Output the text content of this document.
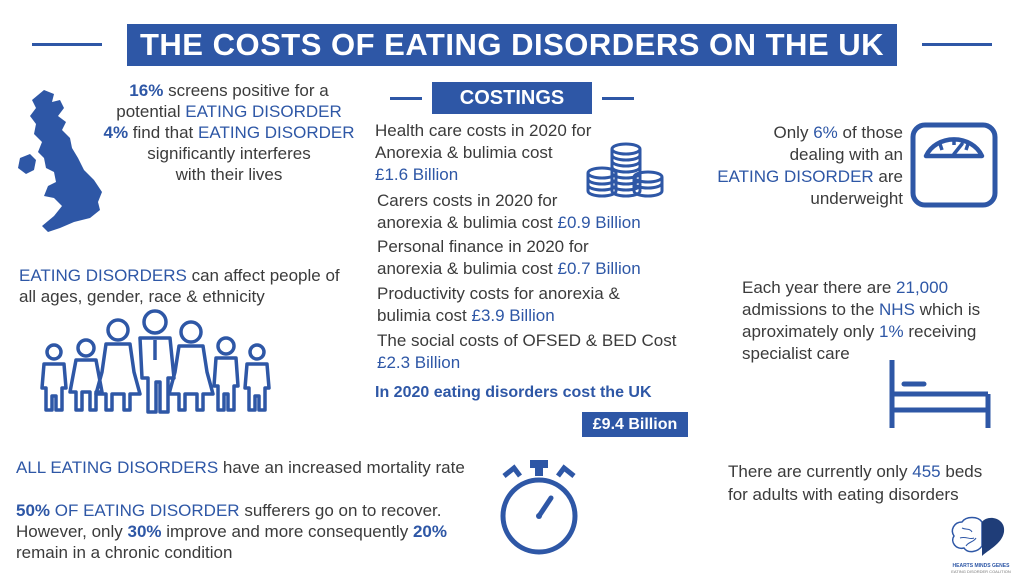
THE COSTS OF EATING DISORDERS ON THE UK
16% screens positive for a
potential EATING DISORDER
4% find that EATING DISORDER
significantly interferes
with their lives
EATING DISORDERS can affect people of
all ages, gender, race & ethnicity
ALL EATING DISORDERS have an increased mortality rate
50% OF EATING DISORDER sufferers go on to recover.
However, only 30% improve and more consequently 20%
remain in a chronic condition
COSTINGS
Health care costs in 2020 for
Anorexia & bulimia cost
£1.6 Billion
Carers costs in 2020 for
anorexia & bulimia cost £0.9 Billion
Personal finance in 2020 for
anorexia & bulimia cost £0.7 Billion
Productivity costs for anorexia &
bulimia cost £3.9 Billion
The social costs of OFSED & BED Cost
£2.3 Billion
In 2020 eating disorders cost the UK
£9.4 Billion
Only 6% of those
dealing with an
EATING DISORDER are
underweight
Each year there are 21,000
admissions to the NHS which is
aproximately only 1% receiving
specialist care
There are currently only 455 beds
for adults with eating disorders
HEARTS MINDS GENES
EATING DISORDER COALITION
